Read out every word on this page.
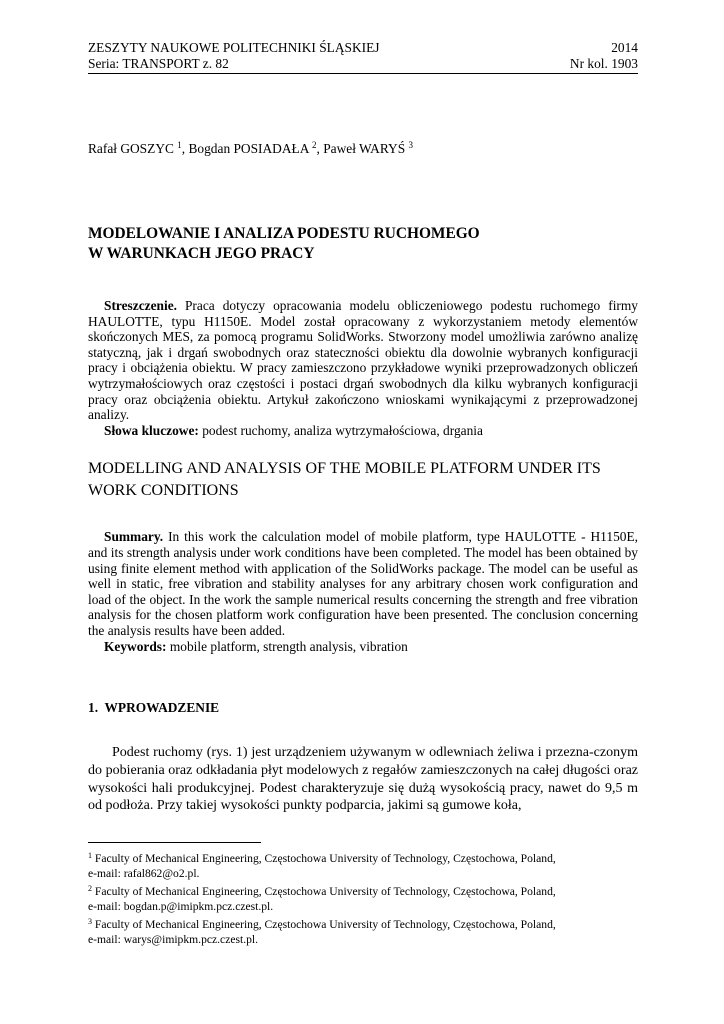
ZESZYTY NAUKOWE POLITECHNIKI ŚLĄSKIEJ	2014
Seria: TRANSPORT z. 82	Nr kol. 1903
Rafał GOSZYC $^1$, Bogdan POSIADAŁA $^2$, Paweł WARYŚ $^3$
MODELOWANIE I ANALIZA PODESTU RUCHOMEGO
W WARUNKACH JEGO PRACY
Streszczenie. Praca dotyczy opracowania modelu obliczeniowego podestu ruchomego firmy HAULOTTE, typu H1150E. Model został opracowany z wykorzystaniem metody elementów skończonych MES, za pomocą programu SolidWorks. Stworzony model umożliwia zarówno analizę statyczną, jak i drgań swobodnych oraz stateczności obiektu dla dowolnie wybranych konfiguracji pracy i obciążenia obiektu. W pracy zamieszczono przykładowe wyniki przeprowadzonych obliczeń wytrzymałościowych oraz częstości i postaci drgań swobodnych dla kilku wybranych konfiguracji pracy oraz obciążenia obiektu. Artykuł zakończono wnioskami wynikającymi z przeprowadzonej analizy.
Słowa kluczowe: podest ruchomy, analiza wytrzymałościowa, drgania
MODELLING AND ANALYSIS OF THE MOBILE PLATFORM UNDER ITS
WORK CONDITIONS
Summary. In this work the calculation model of mobile platform, type HAULOTTE - H1150E, and its strength analysis under work conditions have been completed. The model has been obtained by using finite element method with application of the SolidWorks package. The model can be useful as well in static, free vibration and stability analyses for any arbitrary chosen work configuration and load of the object. In the work the sample numerical results concerning the strength and free vibration analysis for the chosen platform work configuration have been presented. The conclusion concerning the analysis results have been added.
Keywords: mobile platform, strength analysis, vibration
1. WPROWADZENIE
Podest ruchomy (rys. 1) jest urządzeniem używanym w odlewniach żeliwa i przezna-czonym do pobierania oraz odkładania płyt modelowych z regałów zamieszczonych na całej długości oraz wysokości hali produkcyjnej. Podest charakteryzuje się dużą wysokością pracy, nawet do 9,5 m od podłoża. Przy takiej wysokości punkty podparcia, jakimi są gumowe koła,
$^1$ Faculty of Mechanical Engineering, Częstochowa University of Technology, Częstochowa, Poland,
e-mail: rafal862@o2.pl.
$^2$ Faculty of Mechanical Engineering, Częstochowa University of Technology, Częstochowa, Poland,
e-mail: bogdan.p@imipkm.pcz.czest.pl.
$^3$ Faculty of Mechanical Engineering, Częstochowa University of Technology, Częstochowa, Poland,
e-mail: warys@imipkm.pcz.czest.pl.
